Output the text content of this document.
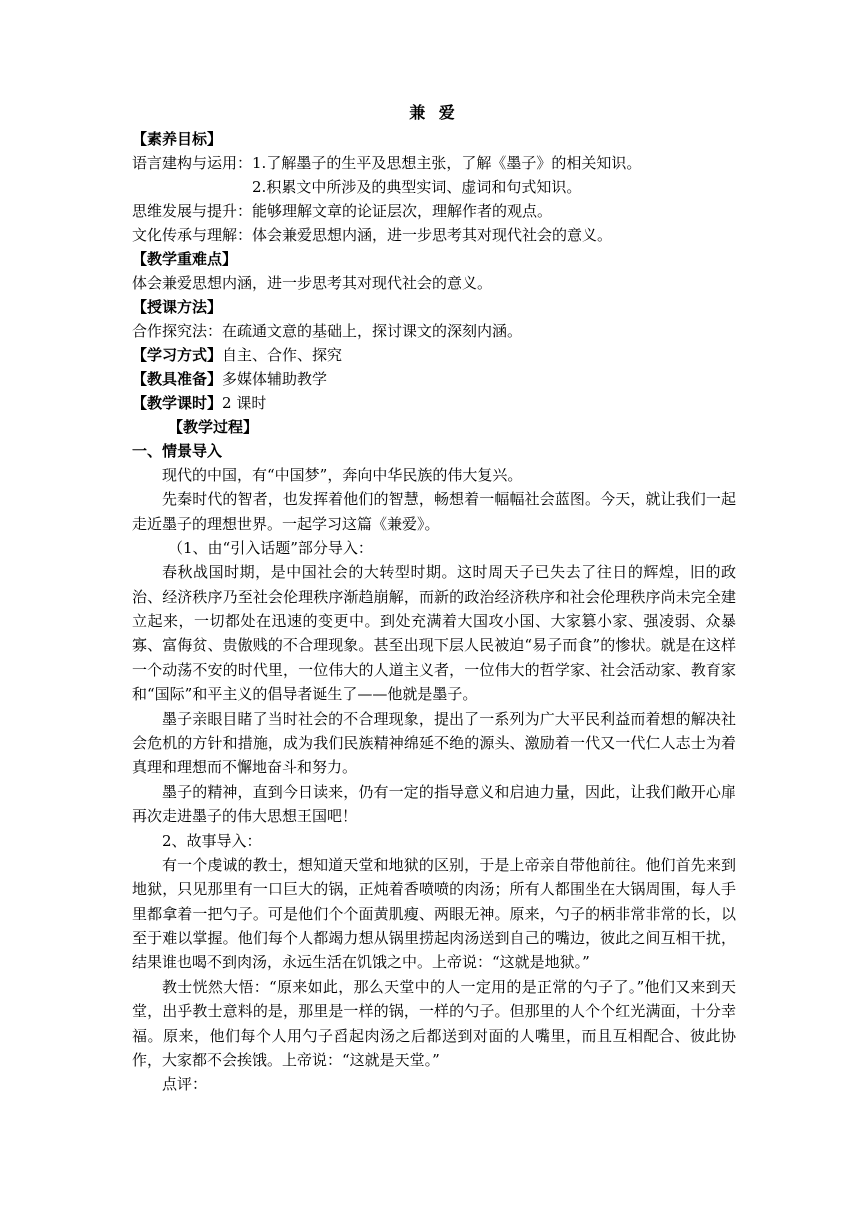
兼 爱
【素养目标】
语言建构与运用： 1.了解墨子的生平及思想主张，了解《墨子》的相关知识。
2.积累文中所涉及的典型实词、虚词和句式知识。
思维发展与提升：能够理解文章的论证层次，理解作者的观点。
文化传承与理解：体会兼爱思想内涵，进一步思考其对现代社会的意义。
【教学重难点】
体会兼爱思想内涵，进一步思考其对现代社会的意义。
【授课方法】
合作探究法：在疏通文意的基础上，探讨课文的深刻内涵。
【学习方式】自主、合作、探究
【教具准备】多媒体辅助教学
【教学课时】2 课时
【教学过程】
一、情景导入
现代的中国，有“中国梦”，奔向中华民族的伟大复兴。
先秦时代的智者，也发挥着他们的智慧，畅想着一幅幅社会蓝图。今天，就让我们一起走近墨子的理想世界。一起学习这篇《兼爱》。
（1、由“引入话题”部分导入：
春秋战国时期，是中国社会的大转型时期。这时周天子已失去了往日的辉煌，旧的政治、经济秩序乃至社会伦理秩序渐趋崩解，而新的政治经济秩序和社会伦理秩序尚未完全建立起来，一切都处在迅速的变更中。到处充满着大国攻小国、大家篡小家、强凌弱、众暴寡、富侮贫、贵傲贱的不合理现象。甚至出现下层人民被迫“易子而食”的惨状。就是在这样一个动荡不安的时代里，一位伟大的人道主义者，一位伟大的哲学家、社会活动家、教育家和“国际”和平主义的倡导者诞生了——他就是墨子。
墨子亲眼目睹了当时社会的不合理现象，提出了一系列为广大平民利益而着想的解决社会危机的方针和措施，成为我们民族精神绵延不绝的源头、激励着一代又一代仁人志士为着真理和理想而不懈地奋斗和努力。
墨子的精神，直到今日读来，仍有一定的指导意义和启迪力量，因此，让我们敞开心扉再次走进墨子的伟大思想王国吧！
2、故事导入：
有一个虔诚的教士，想知道天堂和地狱的区别，于是上帝亲自带他前往。他们首先来到地狱，只见那里有一口巨大的锅，正炖着香喷喷的肉汤；所有人都围坐在大锅周围，每人手里都拿着一把勺子。可是他们个个面黄肌瘦、两眼无神。原来，勺子的柄非常非常的长，以至于难以掌握。他们每个人都竭力想从锅里捞起肉汤送到自己的嘴边，彼此之间互相干扰，结果谁也喝不到肉汤，永远生活在饥饿之中。上帝说：“这就是地狱。”
教士恍然大悟：“原来如此，那么天堂中的人一定用的是正常的勺子了。”他们又来到天堂，出乎教士意料的是，那里是一样的锅，一样的勺子。但那里的人个个红光满面，十分幸福。原来，他们每个人用勺子舀起肉汤之后都送到对面的人嘴里，而且互相配合、彼此协作，大家都不会挨饿。上帝说：“这就是天堂。”
点评：
